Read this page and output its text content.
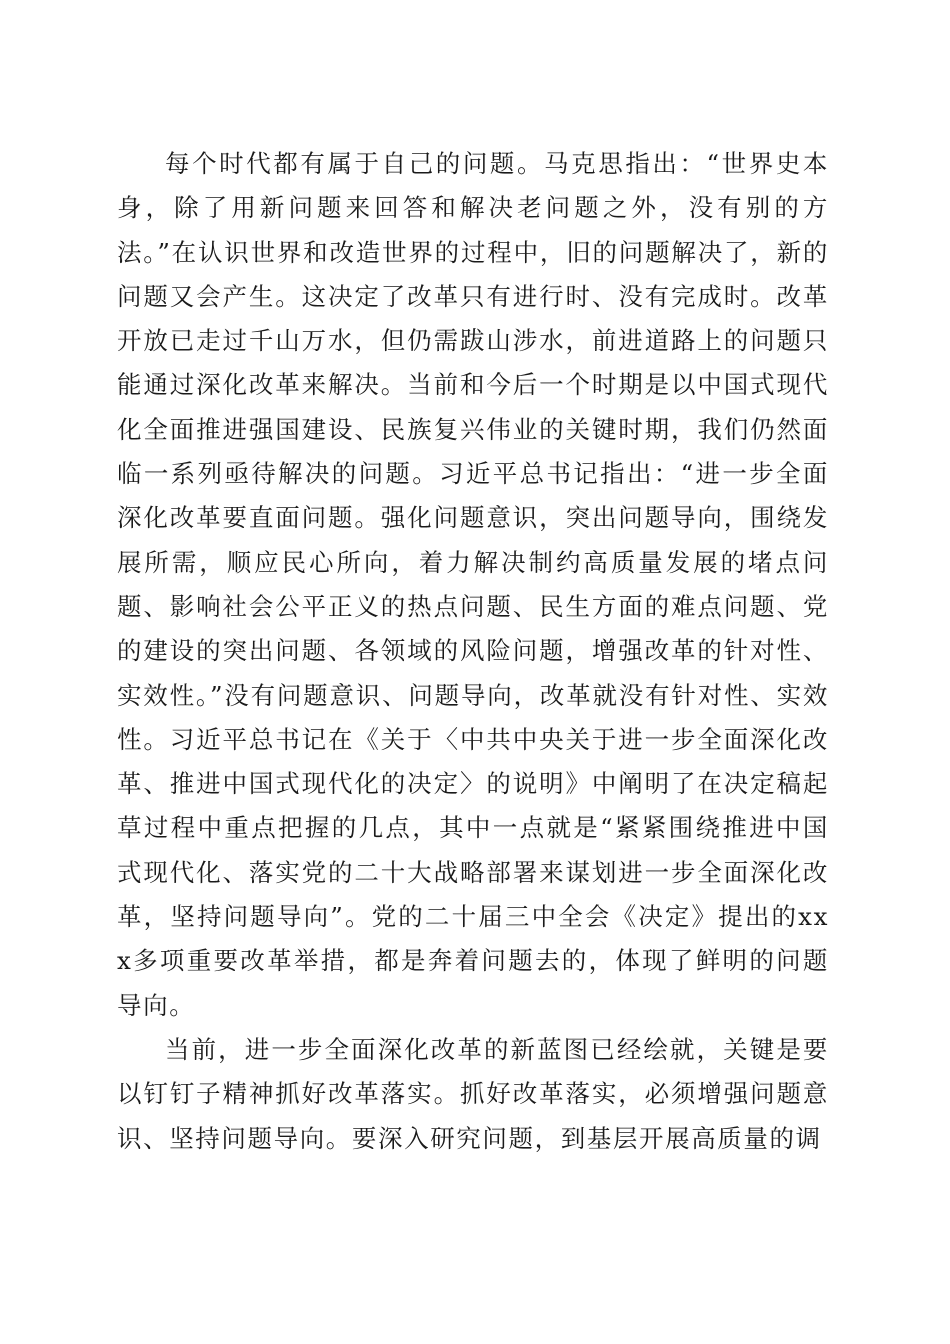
每个时代都有属于自己的问题。马克思指出：“世界史本身，除了用新问题来回答和解决老问题之外，没有别的方法。”在认识世界和改造世界的过程中，旧的问题解决了，新的问题又会产生。这决定了改革只有进行时、没有完成时。改革开放已走过千山万水，但仍需跋山涉水，前进道路上的问题只能通过深化改革来解决。当前和今后一个时期是以中国式现代化全面推进强国建设、民族复兴伟业的关键时期，我们仍然面临一系列亟待解决的问题。习近平总书记指出：“进一步全面深化改革要直面问题。强化问题意识，突出问题导向，围绕发展所需，顺应民心所向，着力解决制约高质量发展的堵点问题、影响社会公平正义的热点问题、民生方面的难点问题、党的建设的突出问题、各领域的风险问题，增强改革的针对性、实效性。”没有问题意识、问题导向，改革就没有针对性、实效性。习近平总书记在《关于〈中共中央关于进一步全面深化改革、推进中国式现代化的决定〉的说明》中阐明了在决定稿起草过程中重点把握的几点，其中一点就是“紧紧围绕推进中国式现代化、落实党的二十大战略部署来谋划进一步全面深化改革，坚持问题导向”。党的二十届三中全会《决定》提出的xxx多项重要改革举措，都是奔着问题去的，体现了鲜明的问题导向。

当前，进一步全面深化改革的新蓝图已经绘就，关键是要以钉钉子精神抓好改革落实。抓好改革落实，必须增强问题意识、坚持问题导向。要深入研究问题，到基层开展高质量的调
